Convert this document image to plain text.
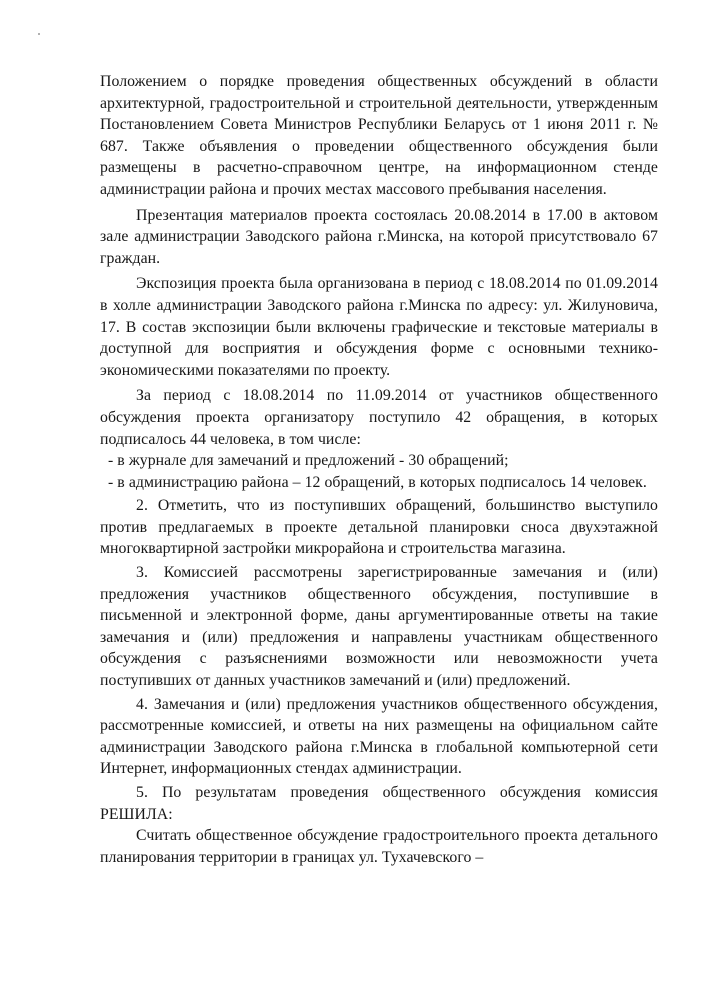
Положением о порядке проведения общественных обсуждений в области архитектурной, градостроительной и строительной деятельности, утвержденным Постановлением Совета Министров Республики Беларусь от 1 июня 2011 г. № 687. Также объявления о проведении общественного обсуждения были размещены в расчетно-справочном центре, на информационном стенде администрации района и прочих местах массового пребывания населения.

Презентация материалов проекта состоялась 20.08.2014 в 17.00 в актовом зале администрации Заводского района г.Минска, на которой присутствовало 67 граждан.

Экспозиция проекта была организована в период с 18.08.2014 по 01.09.2014 в холле администрации Заводского района г.Минска по адресу: ул. Жилуновича, 17. В состав экспозиции были включены графические и текстовые материалы в доступной для восприятия и обсуждения форме с основными технико-экономическими показателями по проекту.

За период с 18.08.2014 по 11.09.2014 от участников общественного обсуждения проекта организатору поступило 42 обращения, в которых подписалось 44 человека, в том числе:

- в журнале для замечаний и предложений - 30 обращений;

- в администрацию района – 12 обращений, в которых подписалось 14 человек.

2. Отметить, что из поступивших обращений, большинство выступило против предлагаемых в проекте детальной планировки сноса двухэтажной многоквартирной застройки микрорайона и строительства магазина.

3. Комиссией рассмотрены зарегистрированные замечания и (или) предложения участников общественного обсуждения, поступившие в письменной и электронной форме, даны аргументированные ответы на такие замечания и (или) предложения и направлены участникам общественного обсуждения с разъяснениями возможности или невозможности учета поступивших от данных участников замечаний и (или) предложений.

4. Замечания и (или) предложения участников общественного обсуждения, рассмотренные комиссией, и ответы на них размещены на официальном сайте администрации Заводского района г.Минска в глобальной компьютерной сети Интернет, информационных стендах администрации.

5. По результатам проведения общественного обсуждения комиссия РЕШИЛА:

Считать общественное обсуждение градостроительного проекта детального планирования территории в границах ул. Тухачевского –
